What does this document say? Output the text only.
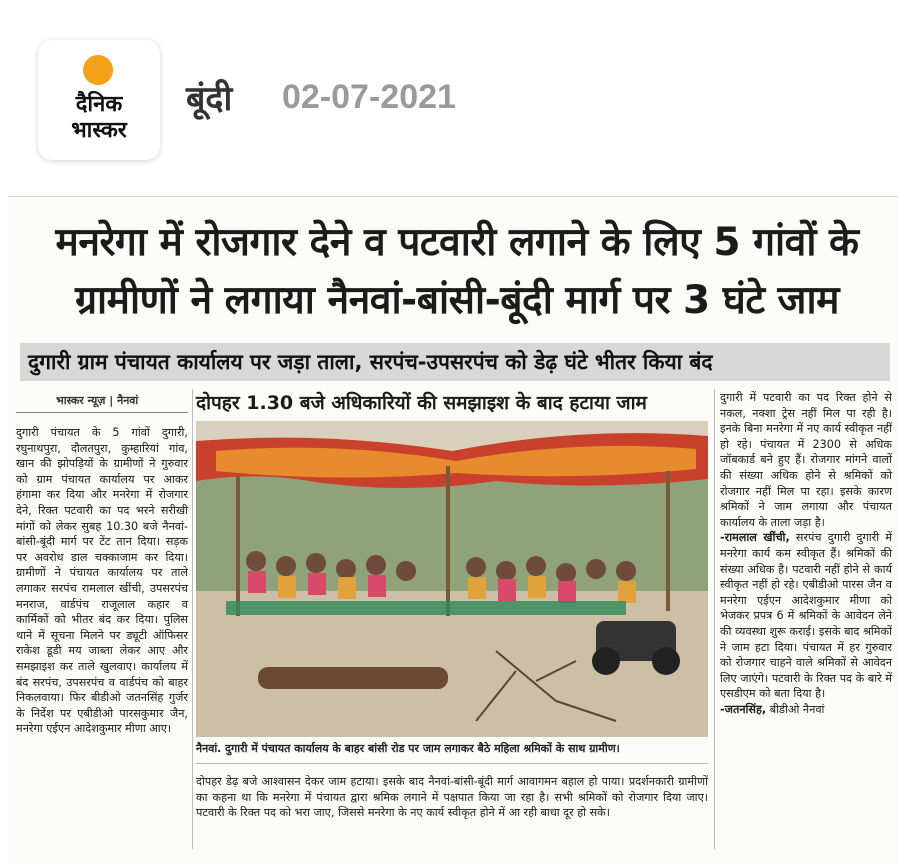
दैनिक
भास्कर
बूंदी 02-07-2021
मनरेगा में रोजगार देने व पटवारी लगाने के लिए 5 गांवों के
ग्रामीणों ने लगाया नैनवां-बांसी-बूंदी मार्ग पर 3 घंटे जाम
दुगारी ग्राम पंचायत कार्यालय पर जड़ा ताला, सरपंच-उपसरपंच को डेढ़ घंटे भीतर किया बंद
भास्कर न्यूज़ | नैनवां
दुगारी पंचायत के 5 गांवों दुगारी, रघुनाथपुरा, दौलतपुरा, कुम्हारियां गांव, खान की झोपड़ियों के ग्रामीणों ने गुरुवार को ग्राम पंचायत कार्यालय पर आकर हंगामा कर दिया और मनरेगा में रोजगार देने, रिक्त पटवारी का पद भरने सरीखी मांगों को लेकर सुबह 10.30 बजे नैनवां-बांसी-बूंदी मार्ग पर टेंट तान दिया। सड़क पर अवरोध डाल चक्काजाम कर दिया। ग्रामीणों ने पंचायत कार्यालय पर ताले लगाकर सरपंच रामलाल खींची, उपसरपंच मनराज, वार्डपंच राजूलाल कहार व कार्मिकों को भीतर बंद कर दिया। पुलिस थाने में सूचना मिलने पर ड्यूटी ऑफिसर राकेश डूडी मय जाब्ता लेकर आए और समझाइश कर ताले खुलवाए। कार्यालय में बंद सरपंच, उपसरपंच व वार्डपंच को बाहर निकलवाया। फिर बीडीओ जतनसिंह गुर्जर के निर्देश पर एबीडीओ पारसकुमार जैन, मनरेगा एईएन आदेशकुमार मीणा आए।
दोपहर 1.30 बजे अधिकारियों की समझाइश के बाद हटाया जाम
नैनवां. दुगारी में पंचायत कार्यालय के बाहर बांसी रोड पर जाम लगाकर बैठे महिला श्रमिकों के साथ ग्रामीण।
दोपहर डेढ़ बजे आश्वासन देकर जाम हटाया। इसके बाद नैनवां-बांसी-बूंदी मार्ग आवागमन बहाल हो पाया। प्रदर्शनकारी ग्रामीणों का कहना था कि मनरेगा में पंचायत द्वारा श्रमिक लगाने में पक्षपात किया जा रहा है। सभी श्रमिकों को रोजगार दिया जाए। पटवारी के रिक्त पद को भरा जाए, जिससे मनरेगा के नए कार्य स्वीकृत होने में आ रही बाधा दूर हो सके।
दुगारी में पटवारी का पद रिक्त होने से नकल, नक्शा ट्रेस नहीं मिल पा रही है। इनके बिना मनरेगा में नए कार्य स्वीकृत नहीं हो रहे। पंचायत में 2300 से अधिक जॉबकार्ड बने हुए हैं। रोजगार मांगने वालों की संख्या अधिक होने से श्रमिकों को रोजगार नहीं मिल पा रहा। इसके कारण श्रमिकों ने जाम लगाया और पंचायत कार्यालय के ताला जड़ा है।
-रामलाल खींची, सरपंच दुगारी दुगारी में मनरेगा कार्य कम स्वीकृत हैं। श्रमिकों की संख्या अधिक है। पटवारी नहीं होने से कार्य स्वीकृत नहीं हो रहे। एबीडीओ पारस जैन व मनरेगा एईएन आदेशकुमार मीणा को भेजकर प्रपत्र 6 में श्रमिकों के आवेदन लेने की व्यवस्था शुरू कराई। इसके बाद श्रमिकों ने जाम हटा दिया। पंचायत में हर गुरुवार को रोजगार चाहने वाले श्रमिकों से आवेदन लिए जाएंगे। पटवारी के रिक्त पद के बारे में एसडीएम को बता दिया है।
-जतनसिंह, बीडीओ नैनवां
